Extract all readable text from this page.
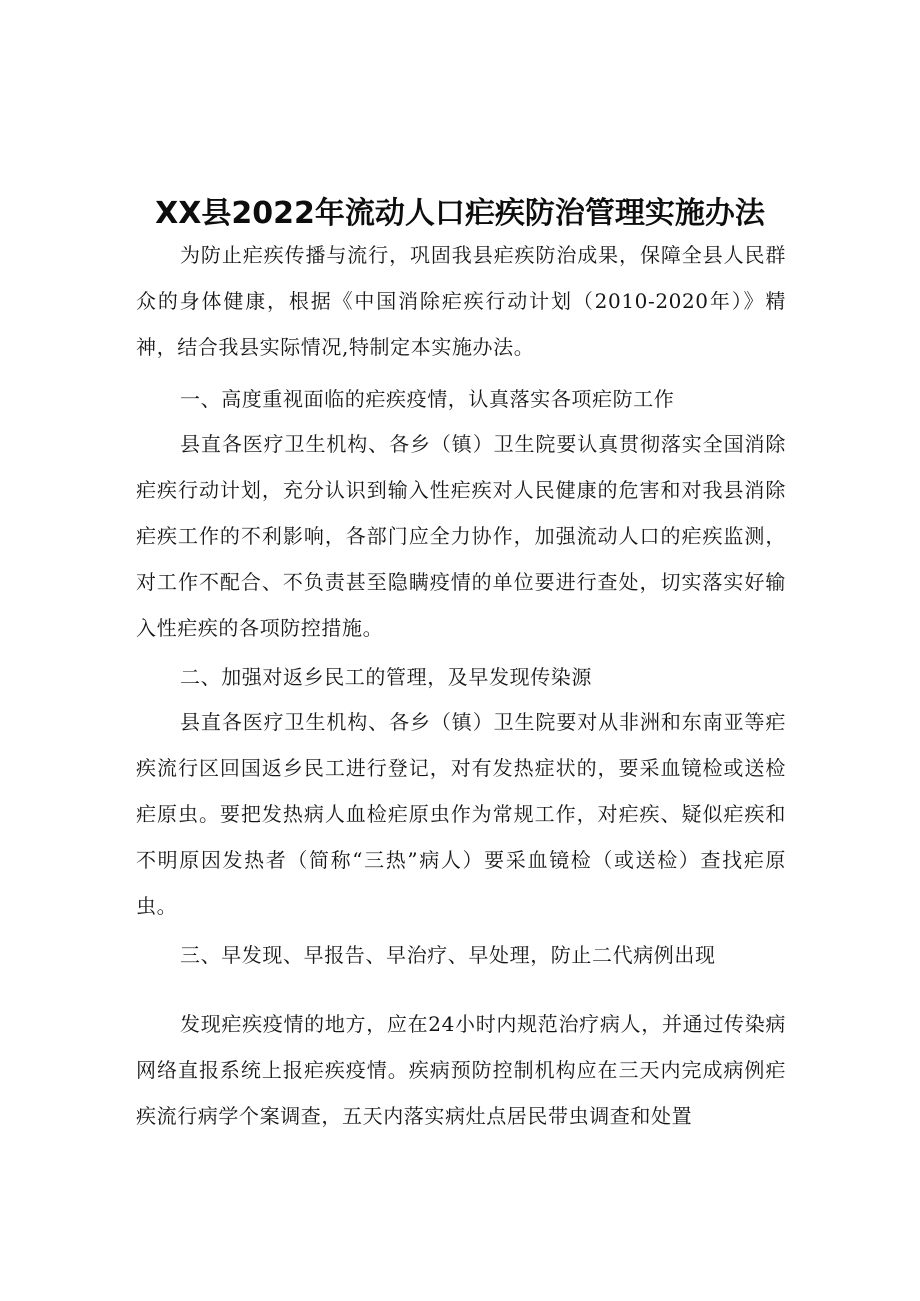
XX县2022年流动人口疟疾防治管理实施办法

为防止疟疾传播与流行，巩固我县疟疾防治成果，保障全县人民群众的身体健康，根据《中国消除疟疾行动计划（2010-2020年）》精神，结合我县实际情况,特制定本实施办法。

一、高度重视面临的疟疾疫情，认真落实各项疟防工作

县直各医疗卫生机构、各乡（镇）卫生院要认真贯彻落实全国消除疟疾行动计划，充分认识到输入性疟疾对人民健康的危害和对我县消除疟疾工作的不利影响，各部门应全力协作，加强流动人口的疟疾监测，对工作不配合、不负责甚至隐瞒疫情的单位要进行查处，切实落实好输入性疟疾的各项防控措施。

二、加强对返乡民工的管理，及早发现传染源

县直各医疗卫生机构、各乡（镇）卫生院要对从非洲和东南亚等疟疾流行区回国返乡民工进行登记，对有发热症状的，要采血镜检或送检疟原虫。要把发热病人血检疟原虫作为常规工作，对疟疾、疑似疟疾和不明原因发热者（简称“三热”病人）要采血镜检（或送检）查找疟原虫。

三、早发现、早报告、早治疗、早处理，防止二代病例出现

发现疟疾疫情的地方，应在24小时内规范治疗病人，并通过传染病网络直报系统上报疟疾疫情。疾病预防控制机构应在三天内完成病例疟疾流行病学个案调查，五天内落实病灶点居民带虫调查和处置
